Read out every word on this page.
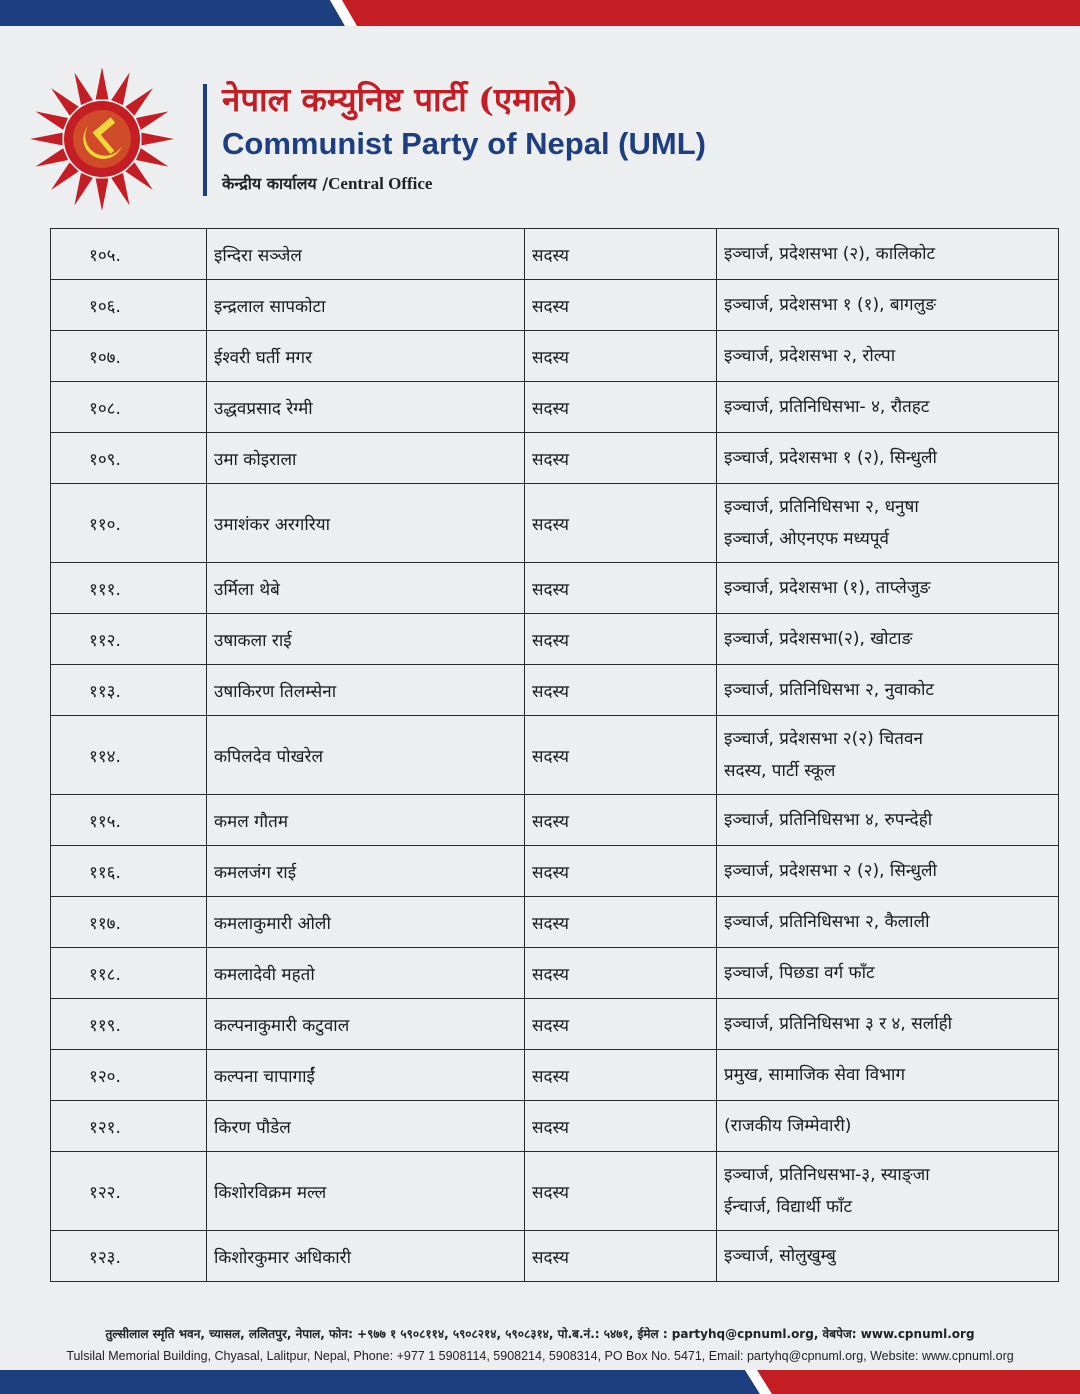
नेपाल कम्युनिष्ट पार्टी (एमाले)
Communist Party of Nepal (UML)
केन्द्रीय कार्यालय /Central Office
१०५.	इन्दिरा सञ्जेल	सदस्य	इञ्चार्ज, प्रदेशसभा (२), कालिकोट

१०६.	इन्द्रलाल सापकोटा	सदस्य	इञ्चार्ज, प्रदेशसभा १ (१), बागलुङ

१०७.	ईश्वरी घर्ती मगर	सदस्य	इञ्चार्ज, प्रदेशसभा २, रोल्पा

१०८.	उद्धवप्रसाद रेग्मी	सदस्य	इञ्चार्ज, प्रतिनिधिसभा- ४, रौतहट

१०९.	उमा कोइराला	सदस्य	इञ्चार्ज, प्रदेशसभा १ (२), सिन्धुली

११०.	उमाशंकर अरगरिया	सदस्य	इञ्चार्ज, प्रतिनिधिसभा २, धनुषा
इञ्चार्ज, ओएनएफ मध्यपूर्व

१११.	उर्मिला थेबे	सदस्य	इञ्चार्ज, प्रदेशसभा (१), ताप्लेजुङ

११२.	उषाकला राई	सदस्य	इञ्चार्ज, प्रदेशसभा(२), खोटाङ

११३.	उषाकिरण तिलम्सेना	सदस्य	इञ्चार्ज, प्रतिनिधिसभा २, नुवाकोट

११४.	कपिलदेव पोखरेल	सदस्य	इञ्चार्ज, प्रदेशसभा २(२) चितवन
सदस्य, पार्टी स्कूल

११५.	कमल गौतम	सदस्य	इञ्चार्ज, प्रतिनिधिसभा ४, रुपन्देही

११६.	कमलजंग राई	सदस्य	इञ्चार्ज, प्रदेशसभा २ (२), सिन्धुली

११७.	कमलाकुमारी ओली	सदस्य	इञ्चार्ज, प्रतिनिधिसभा २, कैलाली

११८.	कमलादेवी महतो	सदस्य	इञ्चार्ज, पिछडा वर्ग फाँट

११९.	कल्पनाकुमारी कटुवाल	सदस्य	इञ्चार्ज, प्रतिनिधिसभा ३ र ४, सर्लाही

१२०.	कल्पना चापागाईं	सदस्य	प्रमुख, सामाजिक सेवा विभाग

१२१.	किरण पौडेल	सदस्य	(राजकीय जिम्मेवारी)

१२२.	किशोरविक्रम मल्ल	सदस्य	इञ्चार्ज, प्रतिनिधसभा-३, स्याङ्जा
ईन्चार्ज, विद्यार्थी फाँट

१२३.	किशोरकुमार अधिकारी	सदस्य	इञ्चार्ज, सोलुखुम्बु
तुल्सीलाल स्मृति भवन, च्यासल, ललितपुर, नेपाल, फोन: +९७७ १ ५९०८११४, ५९०८२१४, ५९०८३१४, पो.ब.नं.: ५४७१, ईमेल : partyhq@cpnuml.org, वेबपेज: www.cpnuml.org
Tulsilal Memorial Building, Chyasal, Lalitpur, Nepal, Phone: +977 1 5908114, 5908214, 5908314, PO Box No. 5471, Email: partyhq@cpnuml.org, Website: www.cpnuml.org
